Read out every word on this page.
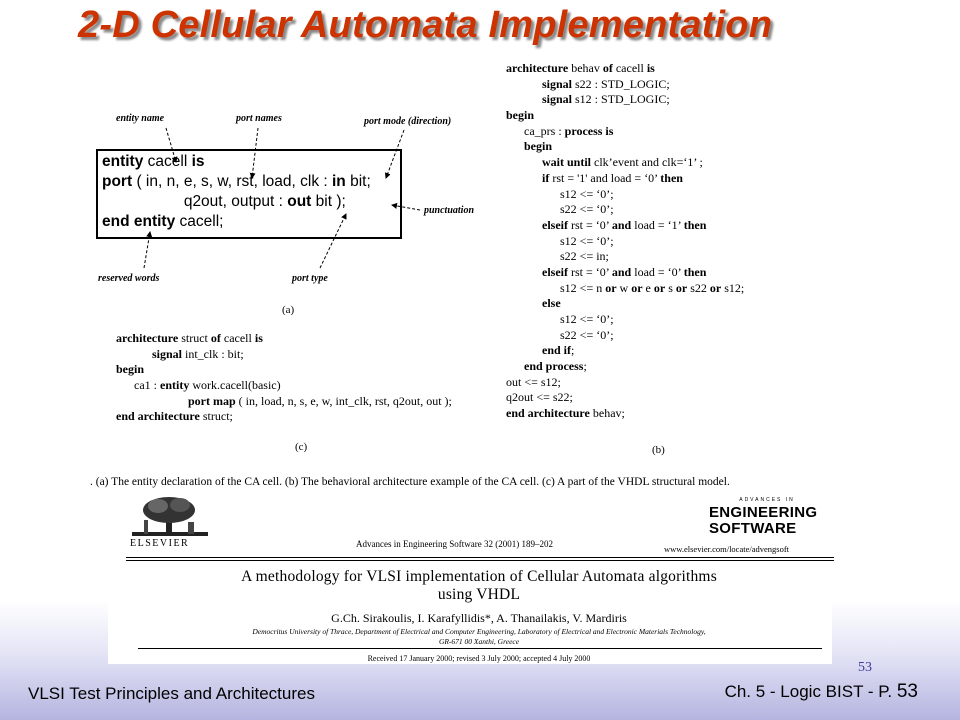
2-D Cellular Automata Implementation
entity name	port names	port mode (direction)
punctuation
reserved words	port type
entity cacell is
port ( in, n, e, s, w, rst, load, clk : in bit;
q2out, output : out bit );
end entity cacell;
(a)
architecture struct of cacell is
signal int_clk : bit;
begin
ca1 : entity work.cacell(basic)
port map ( in, load, n, s, e, w, int_clk, rst, q2out, out );
end architecture struct;
(c)
architecture behav of cacell is
signal s22 : STD_LOGIC;
signal s12 : STD_LOGIC;
begin
ca_prs : process is
begin
wait until clk’event and clk=‘1’ ;
if rst = '1' and load = ‘0’ then
s12 <= ‘0’;
s22 <= ‘0’;
elseif rst = ‘0’ and load = ‘1’ then
s12 <= ‘0’;
s22 <= in;
elseif rst = ‘0’ and load = ‘0’ then
s12 <= n or w or e or s or s22 or s12;
else
s12 <= ‘0’;
s22 <= ‘0’;
end if;
end process;
out <= s12;
q2out <= s22;
end architecture behav;
(b)
. (a) The entity declaration of the CA cell. (b) The behavioral architecture example of the CA cell. (c) A part of the VHDL structural model.
ELSEVIER	Advances in Engineering Software 32 (2001) 189–202
ADVANCES IN
ENGINEERING
SOFTWARE
www.elsevier.com/locate/advengsoft
A methodology for VLSI implementation of Cellular Automata algorithms
using VHDL
G.Ch. Sirakoulis, I. Karafyllidis*, A. Thanailakis, V. Mardiris
Democritus University of Thrace, Department of Electrical and Computer Engineering, Laboratory of Electrical and Electronic Materials Technology,
GR-671 00 Xanthi, Greece
Received 17 January 2000; revised 3 July 2000; accepted 4 July 2000
53
VLSI Test Principles and Architectures	Ch. 5 - Logic BIST - P. 53
